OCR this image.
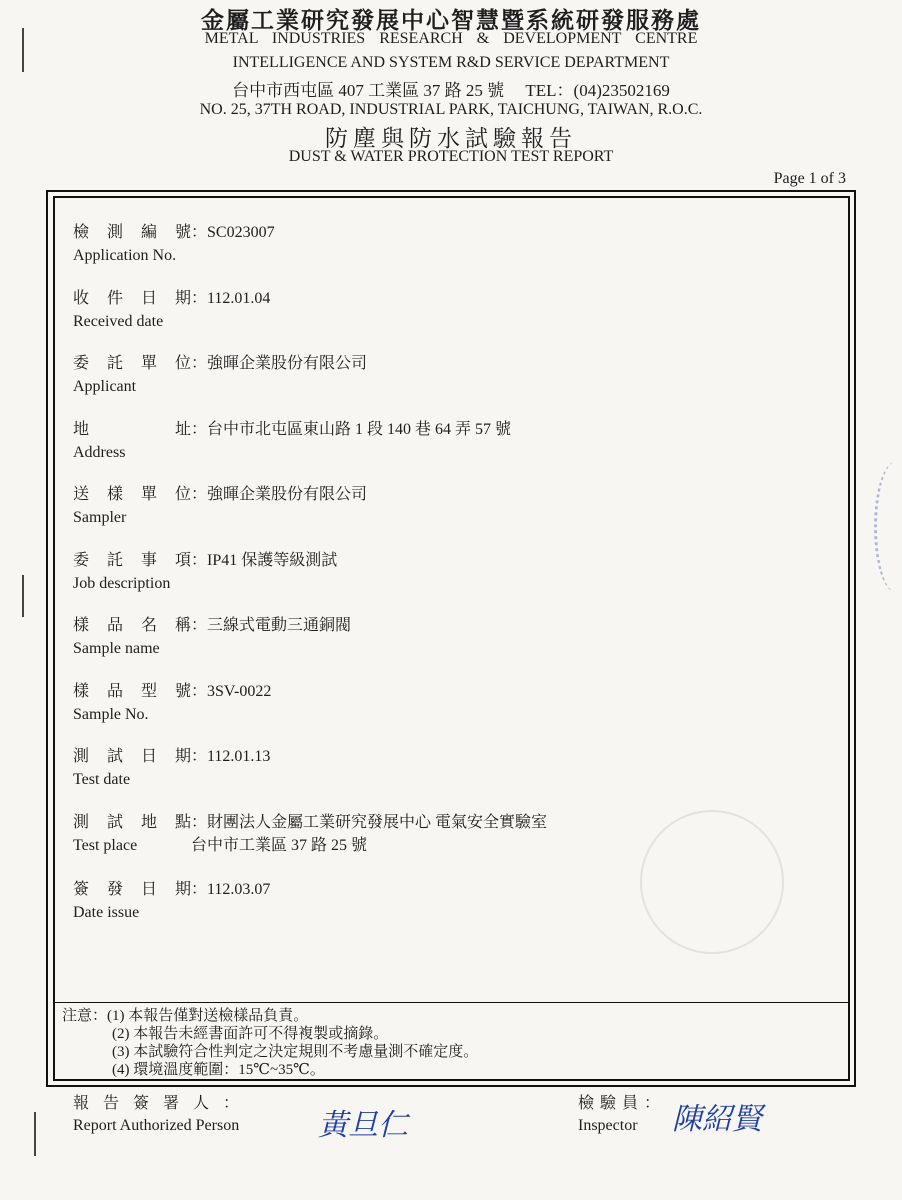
金屬工業研究發展中心智慧暨系統研發服務處
METAL INDUSTRIES RESEARCH & DEVELOPMENT CENTRE
INTELLIGENCE AND SYSTEM R&D SERVICE DEPARTMENT
台中市西屯區 407 工業區 37 路 25 號　 TEL：(04)23502169
NO. 25, 37TH ROAD, INDUSTRIAL PARK, TAICHUNG, TAIWAN, R.O.C.
防塵與防水試驗報告
DUST & WATER PROTECTION TEST REPORT
Page 1 of 3
檢測編號：SC023007
Application No.
收件日期：112.01.04
Received date
委託單位：強暉企業股份有限公司
Applicant
地址：台中市北屯區東山路 1 段 140 巷 64 弄 57 號
Address
送樣單位：強暉企業股份有限公司
Sampler
委託事項：IP41 保護等級測試
Job description
樣品名稱：三線式電動三通銅閥
Sample name
樣品型號：3SV-0022
Sample No.
測試日期：112.01.13
Test date
測試地點：財團法人金屬工業研究發展中心 電氣安全實驗室
Test place	台中市工業區 37 路 25 號
簽發日期：112.03.07
Date issue
注意：(1) 本報告僅對送檢樣品負責。
(2) 本報告未經書面許可不得複製或摘錄。
(3) 本試驗符合性判定之決定規則不考慮量測不確定度。
(4) 環境溫度範圍：15℃~35℃。
報告簽署人：
Report Authorized Person	黃旦仁
檢驗員：
Inspector	陳紹賢
